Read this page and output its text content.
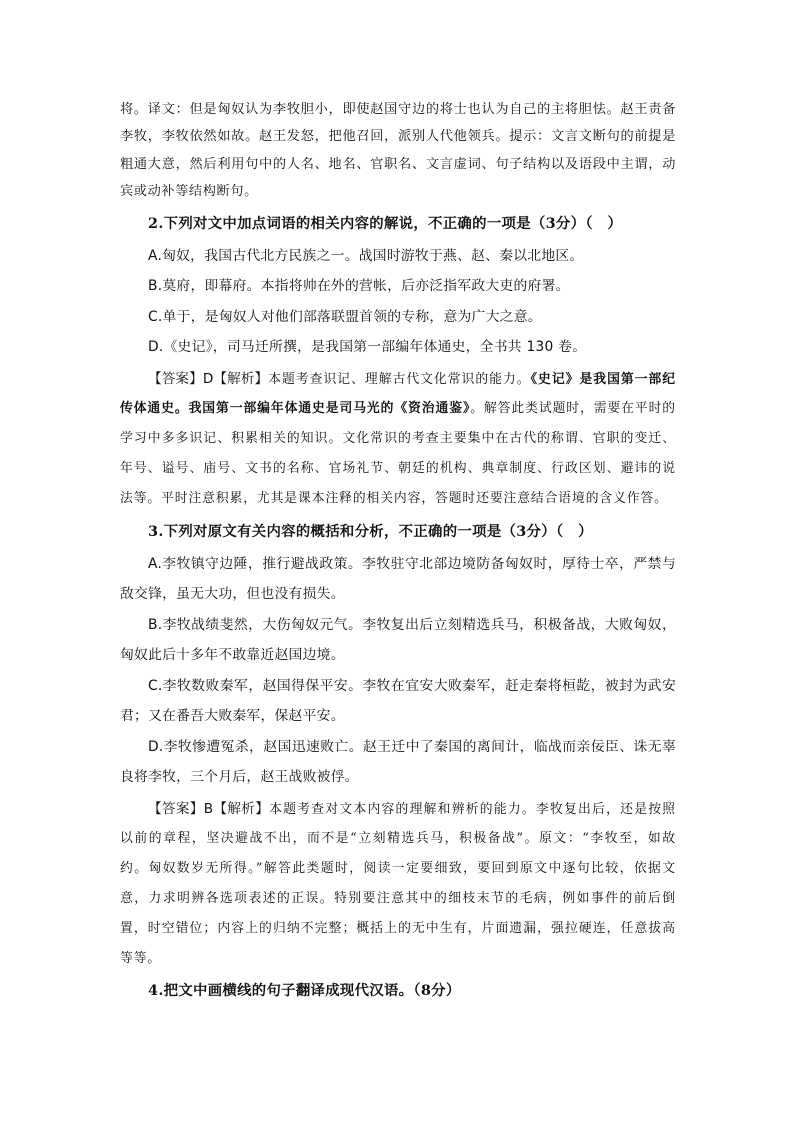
将。译文：但是匈奴认为李牧胆小，即使赵国守边的将士也认为自己的主将胆怯。赵王责备李牧，李牧依然如故。赵王发怒，把他召回，派别人代他领兵。提示：文言文断句的前提是粗通大意，然后利用句中的人名、地名、官职名、文言虚词、句子结构以及语段中主谓，动宾或动补等结构断句。

2.下列对文中加点词语的相关内容的解说，不正确的一项是（3分）（　）

A.匈奴，我国古代北方民族之一。战国时游牧于燕、赵、秦以北地区。

B.莫府，即幕府。本指将帅在外的营帐，后亦泛指军政大吏的府署。

C.单于，是匈奴人对他们部落联盟首领的专称，意为广大之意。

D.《史记》，司马迁所撰，是我国第一部编年体通史，全书共 130 卷。

【答案】D【解析】本题考查识记、理解古代文化常识的能力。《史记》是我国第一部纪传体通史。我国第一部编年体通史是司马光的《资治通鉴》。解答此类试题时，需要在平时的学习中多多识记、积累相关的知识。文化常识的考查主要集中在古代的称谓、官职的变迁、年号、谥号、庙号、文书的名称、官场礼节、朝廷的机构、典章制度、行政区划、避讳的说法等。平时注意积累，尤其是课本注释的相关内容，答题时还要注意结合语境的含义作答。

3.下列对原文有关内容的概括和分析，不正确的一项是（3分）（　）

A.李牧镇守边陲，推行避战政策。李牧驻守北部边境防备匈奴时，厚待士卒，严禁与敌交锋，虽无大功，但也没有损失。

B.李牧战绩斐然，大伤匈奴元气。李牧复出后立刻精选兵马，积极备战，大败匈奴，匈奴此后十多年不敢靠近赵国边境。

C.李牧数败秦军，赵国得保平安。李牧在宜安大败秦军，赶走秦将桓龁，被封为武安君；又在番吾大败秦军，保赵平安。

D.李牧惨遭冤杀，赵国迅速败亡。赵王迁中了秦国的离间计，临战而亲佞臣、诛无辜良将李牧，三个月后，赵王战败被俘。

【答案】B【解析】本题考查对文本内容的理解和辨析的能力。李牧复出后，还是按照以前的章程，坚决避战不出，而不是“立刻精选兵马，积极备战”。原文：“李牧至，如故约。匈奴数岁无所得。”解答此类题时，阅读一定要细致，要回到原文中逐句比较，依据文意，力求明辨各选项表述的正误。特别要注意其中的细枝末节的毛病，例如事件的前后倒置，时空错位；内容上的归纳不完整；概括上的无中生有，片面遗漏，强拉硬连，任意拔高等等。

4.把文中画横线的句子翻译成现代汉语。（8分）
